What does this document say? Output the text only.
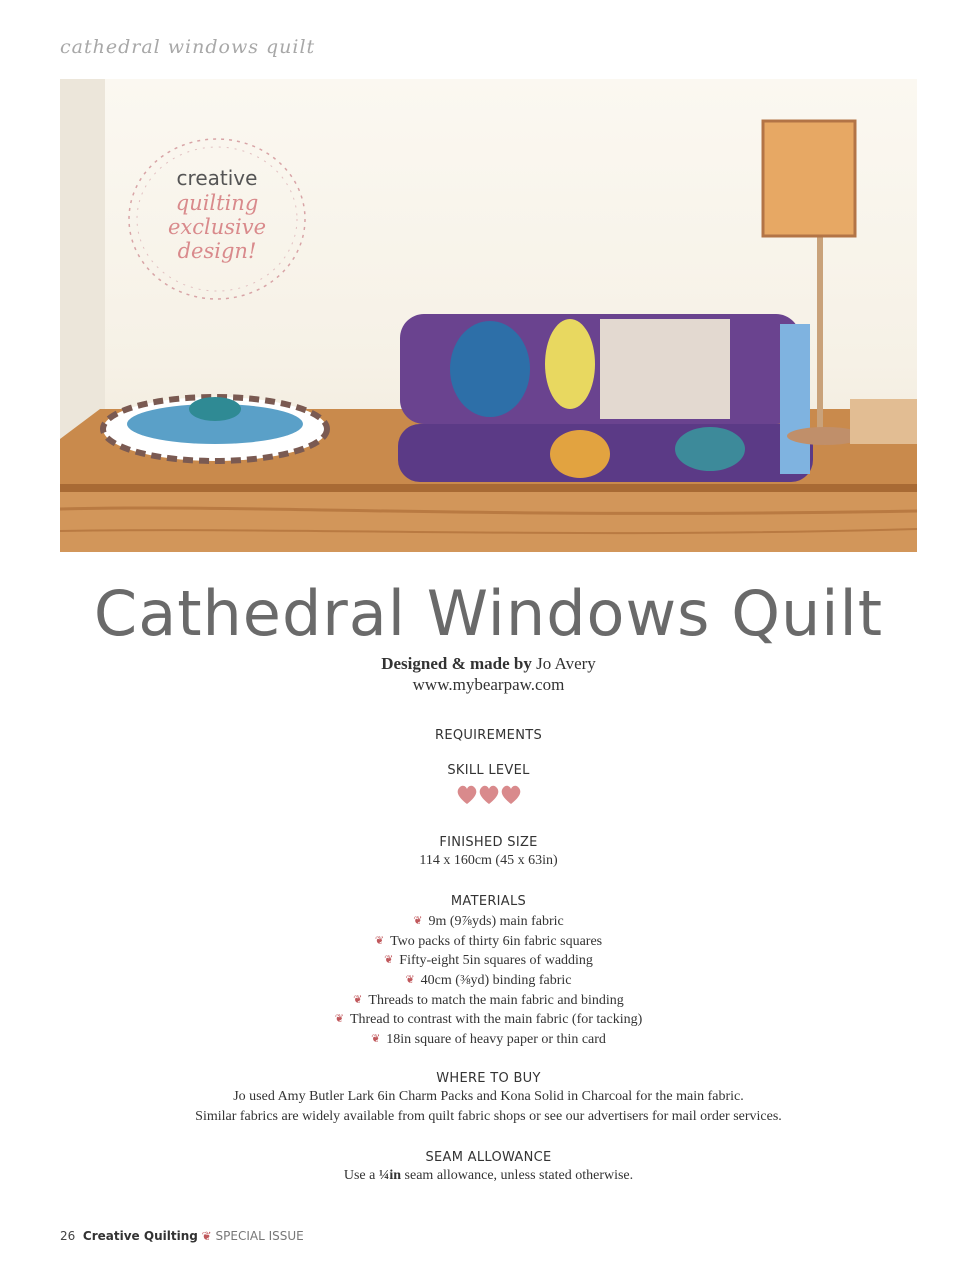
cathedral windows quilt
creative
quilting
exclusive
design!
Cathedral Windows Quilt
Designed & made by Jo Avery
www.mybearpaw.com
REQUIREMENTS
SKILL LEVEL
FINISHED SIZE
114 x 160cm (45 x 63in)
MATERIALS
❦ 9m (9⅞yds) main fabric
❦ Two packs of thirty 6in fabric squares
❦ Fifty-eight 5in squares of wadding
❦ 40cm (⅜yd) binding fabric
❦ Threads to match the main fabric and binding
❦ Thread to contrast with the main fabric (for tacking)
❦ 18in square of heavy paper or thin card
WHERE TO BUY
Jo used Amy Butler Lark 6in Charm Packs and Kona Solid in Charcoal for the main fabric.
Similar fabrics are widely available from quilt fabric shops or see our advertisers for mail order services.
SEAM ALLOWANCE
Use a ¼in seam allowance, unless stated otherwise.
26 Creative Quilting ❦ SPECIAL ISSUE
